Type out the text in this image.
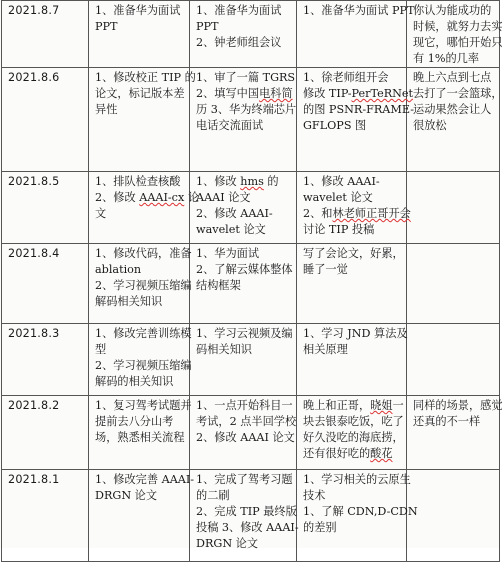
2021.8.7	1、准备华为面试
PPT	1、准备华为面试
PPT
2、钟老师组会议	1、准备华为面试 PPT	你认为能成功的
时候，就努力去实
现它，哪怕开始只
有 1%的几率

2021.8.6	1、修改校正 TIP 的
论文，标记版本差
异性	1、审了一篇 TGRS
2、填写中国电科简
历 3、华为终端芯片
电话交流面试	1、徐老师组开会
修改 TIP-PerTeRNet
的图 PSNR-FRAME-
GFLOPS 图	晚上六点到七点
去打了一会篮球，
运动果然会让人
很放松

2021.8.5	1、排队检查核酸
2、修改 AAAI-cx 论
文	1、修改 hms 的
AAAI 论文
2、修改 AAAI-
wavelet 论文	1、修改 AAAI-
wavelet 论文
2、和林老师正哥开会
讨论 TIP 投稿	

2021.8.4	1、修改代码，准备
ablation
2、学习视频压缩编
解码相关知识	1、华为面试
2、了解云媒体整体
结构框架	写了会论文，好累，
睡了一觉	

2021.8.3	1、修改完善训练模
型
2、学习视频压缩编
解码的相关知识	1、学习云视频及编
码相关知识	1、学习 JND 算法及
相关原理	

2021.8.2	1、复习驾考试题并
提前去八分山考
场，熟悉相关流程	1、一点开始科目一
考试，2 点半回学校
2、修改 AAAI 论文	晚上和正哥，晓姐一
块去银泰吃饭，吃了
好久没吃的海底捞，
还有很好吃的酸花	同样的场景，感觉
还真的不一样

2021.8.1	1、修改完善 AAAI-
DRGN 论文	1、完成了驾考习题
的二刷
2、完成 TIP 最终版
投稿 3、修改 AAAI-
DRGN 论文	1、学习相关的云原生
技术
1、了解 CDN,D-CDN
的差别	
